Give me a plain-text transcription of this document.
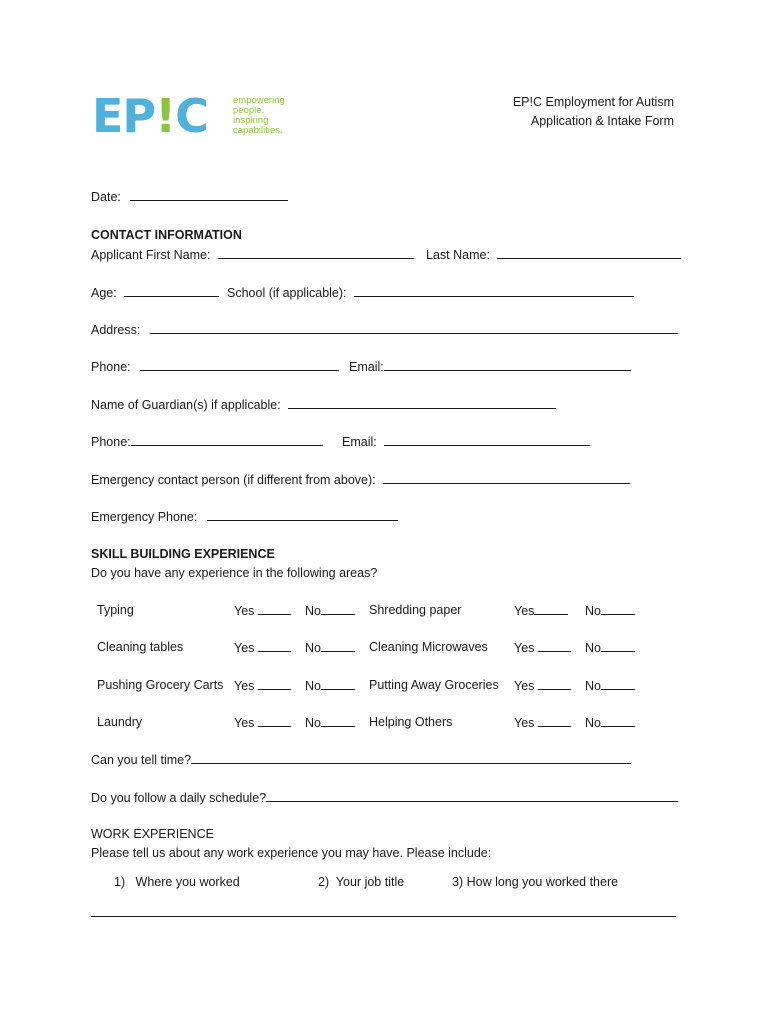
EP!C	empowering
people.
inspiring
capabilities.
EP!C Employment for Autism
Application & Intake Form
Date:
CONTACT INFORMATION
Applicant First Name:	Last Name:
Age:	School (if applicable):
Address:
Phone:	Email:
Name of Guardian(s) if applicable:
Phone:	Email:
Emergency contact person (if different from above):
Emergency Phone:
SKILL BUILDING EXPERIENCE
Do you have any experience in the following areas?
Typing	Yes	No	Shredding paper	Yes	No
Cleaning tables	Yes	No	Cleaning Microwaves Yes	No
Pushing Grocery Carts Yes	No	Putting Away Groceries Yes	No
Laundry	Yes	No	Helping Others	Yes	No
Can you tell time?
Do you follow a daily schedule?
WORK EXPERIENCE
Please tell us about any work experience you may have. Please include:
1)   Where you worked	2)  Your job title	3) How long you worked there
